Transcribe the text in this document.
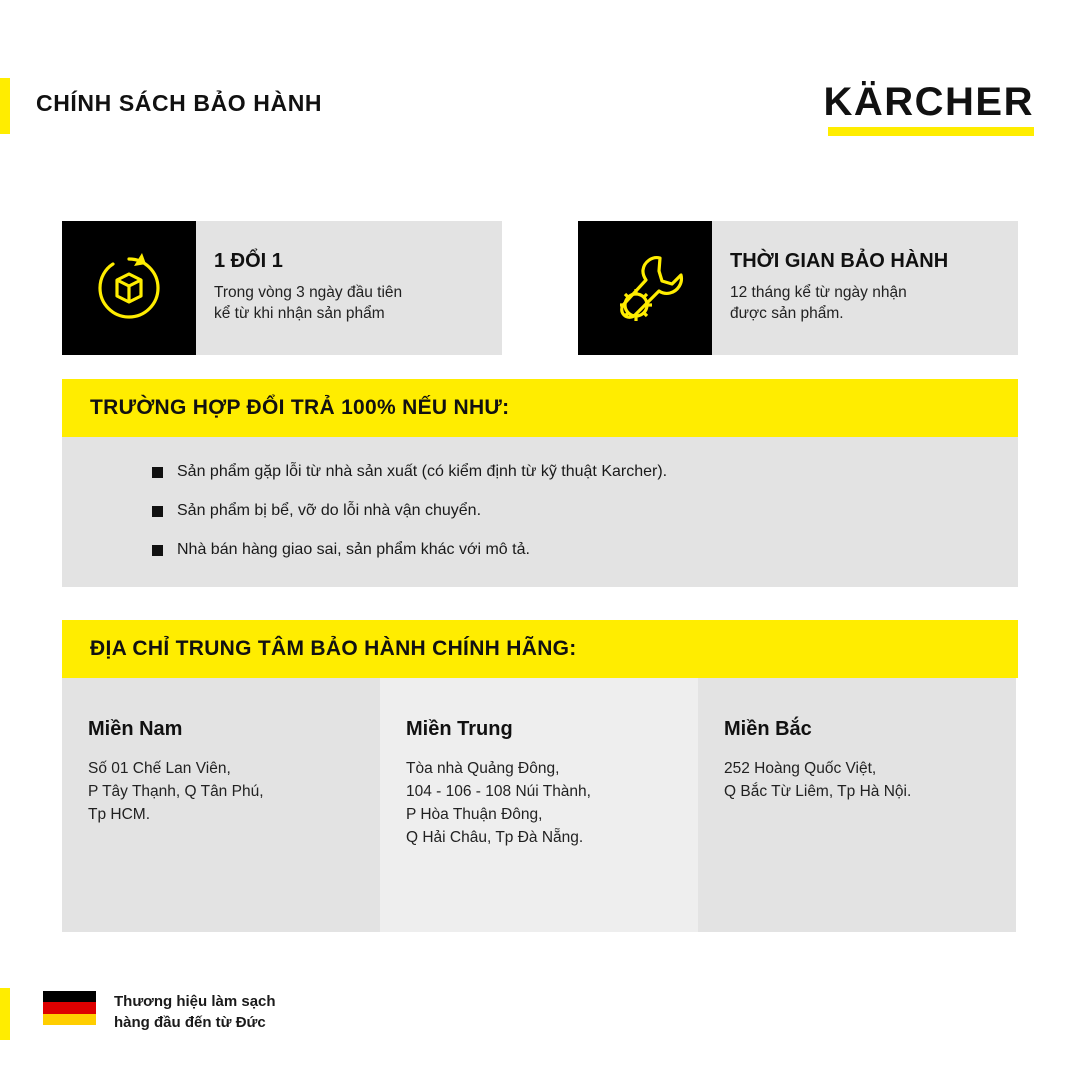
CHÍNH SÁCH BẢO HÀNH	KÄRCHER
1 ĐỔI 1
Trong vòng 3 ngày đầu tiên
kể từ khi nhận sản phẩm
THỜI GIAN BẢO HÀNH
12 tháng kể từ ngày nhận
được sản phẩm.
TRƯỜNG HỢP ĐỔI TRẢ 100% NẾU NHƯ:
Sản phẩm gặp lỗi từ nhà sản xuất (có kiểm định từ kỹ thuật Karcher).
Sản phẩm bị bể, vỡ do lỗi nhà vận chuyển.
Nhà bán hàng giao sai, sản phẩm khác với mô tả.
ĐỊA CHỈ TRUNG TÂM BẢO HÀNH CHÍNH HÃNG:
Miền Nam
Số 01 Chế Lan Viên,
P Tây Thạnh, Q Tân Phú,
Tp HCM.
Miền Trung
Tòa nhà Quảng Đông,
104 - 106 - 108 Núi Thành,
P Hòa Thuận Đông,
Q Hải Châu, Tp Đà Nẵng.
Miền Bắc
252 Hoàng Quốc Việt,
Q Bắc Từ Liêm, Tp Hà Nội.
Thương hiệu làm sạch
hàng đầu đến từ Đức
